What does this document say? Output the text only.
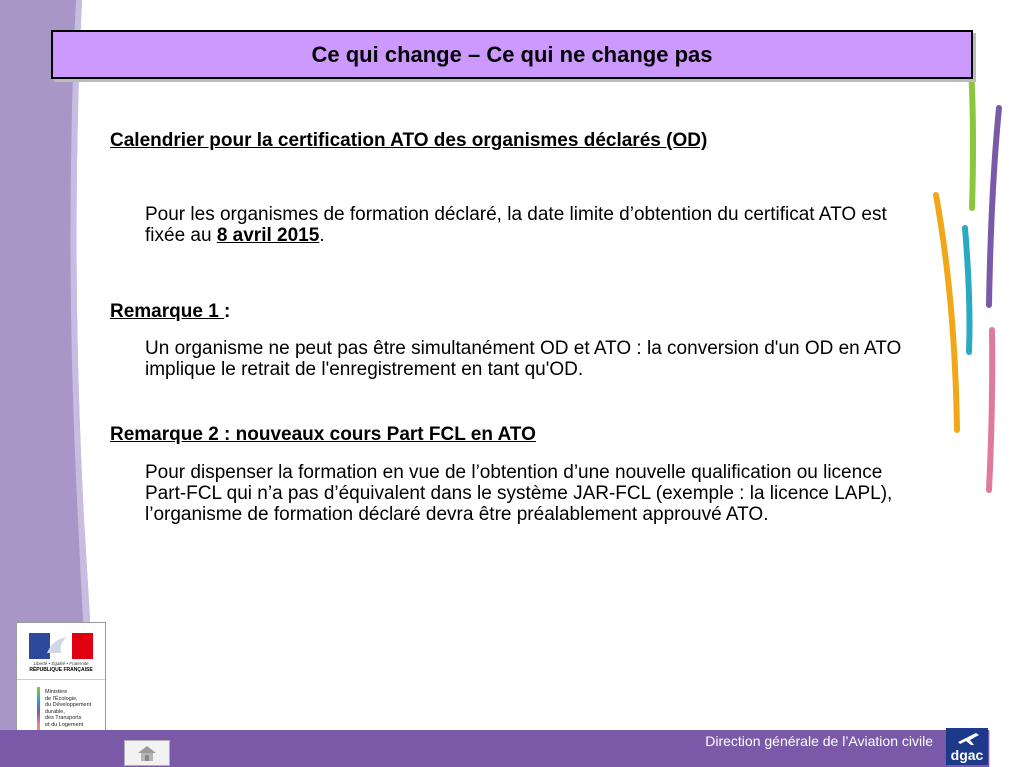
Ce qui change – Ce qui ne change pas
Calendrier pour la certification ATO des organismes déclarés (OD)
Pour les organismes de formation déclaré, la date limite d’obtention du certificat ATO est fixée au 8 avril 2015.
Remarque 1 :
Un organisme ne peut pas être simultanément OD et ATO : la conversion d'un OD en ATO implique le retrait de l'enregistrement en tant qu'OD.
Remarque 2 : nouveaux cours Part FCL en ATO
Pour dispenser la formation en vue de l’obtention d’une nouvelle qualification ou licence Part-FCL qui n’a pas d’équivalent dans le système JAR-FCL (exemple : la licence LAPL), l’organisme de formation déclaré devra être préalablement approuvé ATO.
Liberté • Égalité • Fraternité
RÉPUBLIQUE FRANÇAISE
Ministère
de l'Écologie,
du Développement
durable,
des Transports
et du Logement
Direction générale de l’Aviation civile
dgac
